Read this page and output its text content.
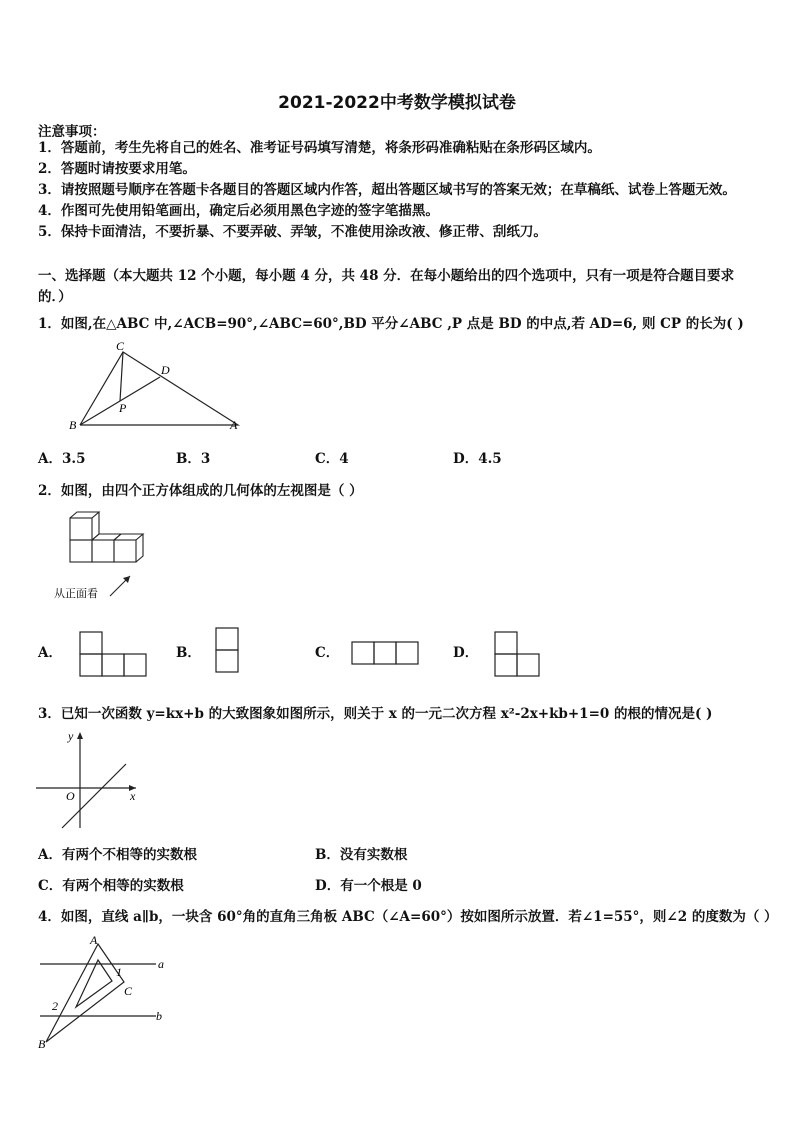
2021-2022中考数学模拟试卷
注意事项：
1．答题前，考生先将自己的姓名、准考证号码填写清楚，将条形码准确粘贴在条形码区域内。
2．答题时请按要求用笔。
3．请按照题号顺序在答题卡各题目的答题区域内作答，超出答题区域书写的答案无效；在草稿纸、试卷上答题无效。
4．作图可先使用铅笔画出，确定后必须用黑色字迹的签字笔描黑。
5．保持卡面清洁，不要折暴、不要弄破、弄皱，不准使用涂改液、修正带、刮纸刀。
一、选择题（本大题共 12 个小题，每小题 4 分，共 48 分．在每小题给出的四个选项中，只有一项是符合题目要求
的．）
1．如图,在△ABC 中,∠ACB=90°,∠ABC=60°,BD 平分∠ABC ,P 点是 BD 的中点,若 AD=6, 则 CP 的长为( )
C
D
P
B	A
A．3.5	B．3	C．4	D．4.5
2．如图，由四个正方体组成的几何体的左视图是（ ）
从正面看
A．	B．	C．	D．
3．已知一次函数 y=kx+b 的大致图象如图所示，则关于 x 的一元二次方程 x²-2x+kb+1=0 的根的情况是( )
y
x
O
A．有两个不相等的实数根	B．没有实数根
C．有两个相等的实数根	D．有一个根是 0
4．如图，直线 a∥b，一块含 60°角的直角三角板 ABC（∠A=60°）按如图所示放置．若∠1=55°，则∠2 的度数为（ ）
A
a
1
C
2
b
B
